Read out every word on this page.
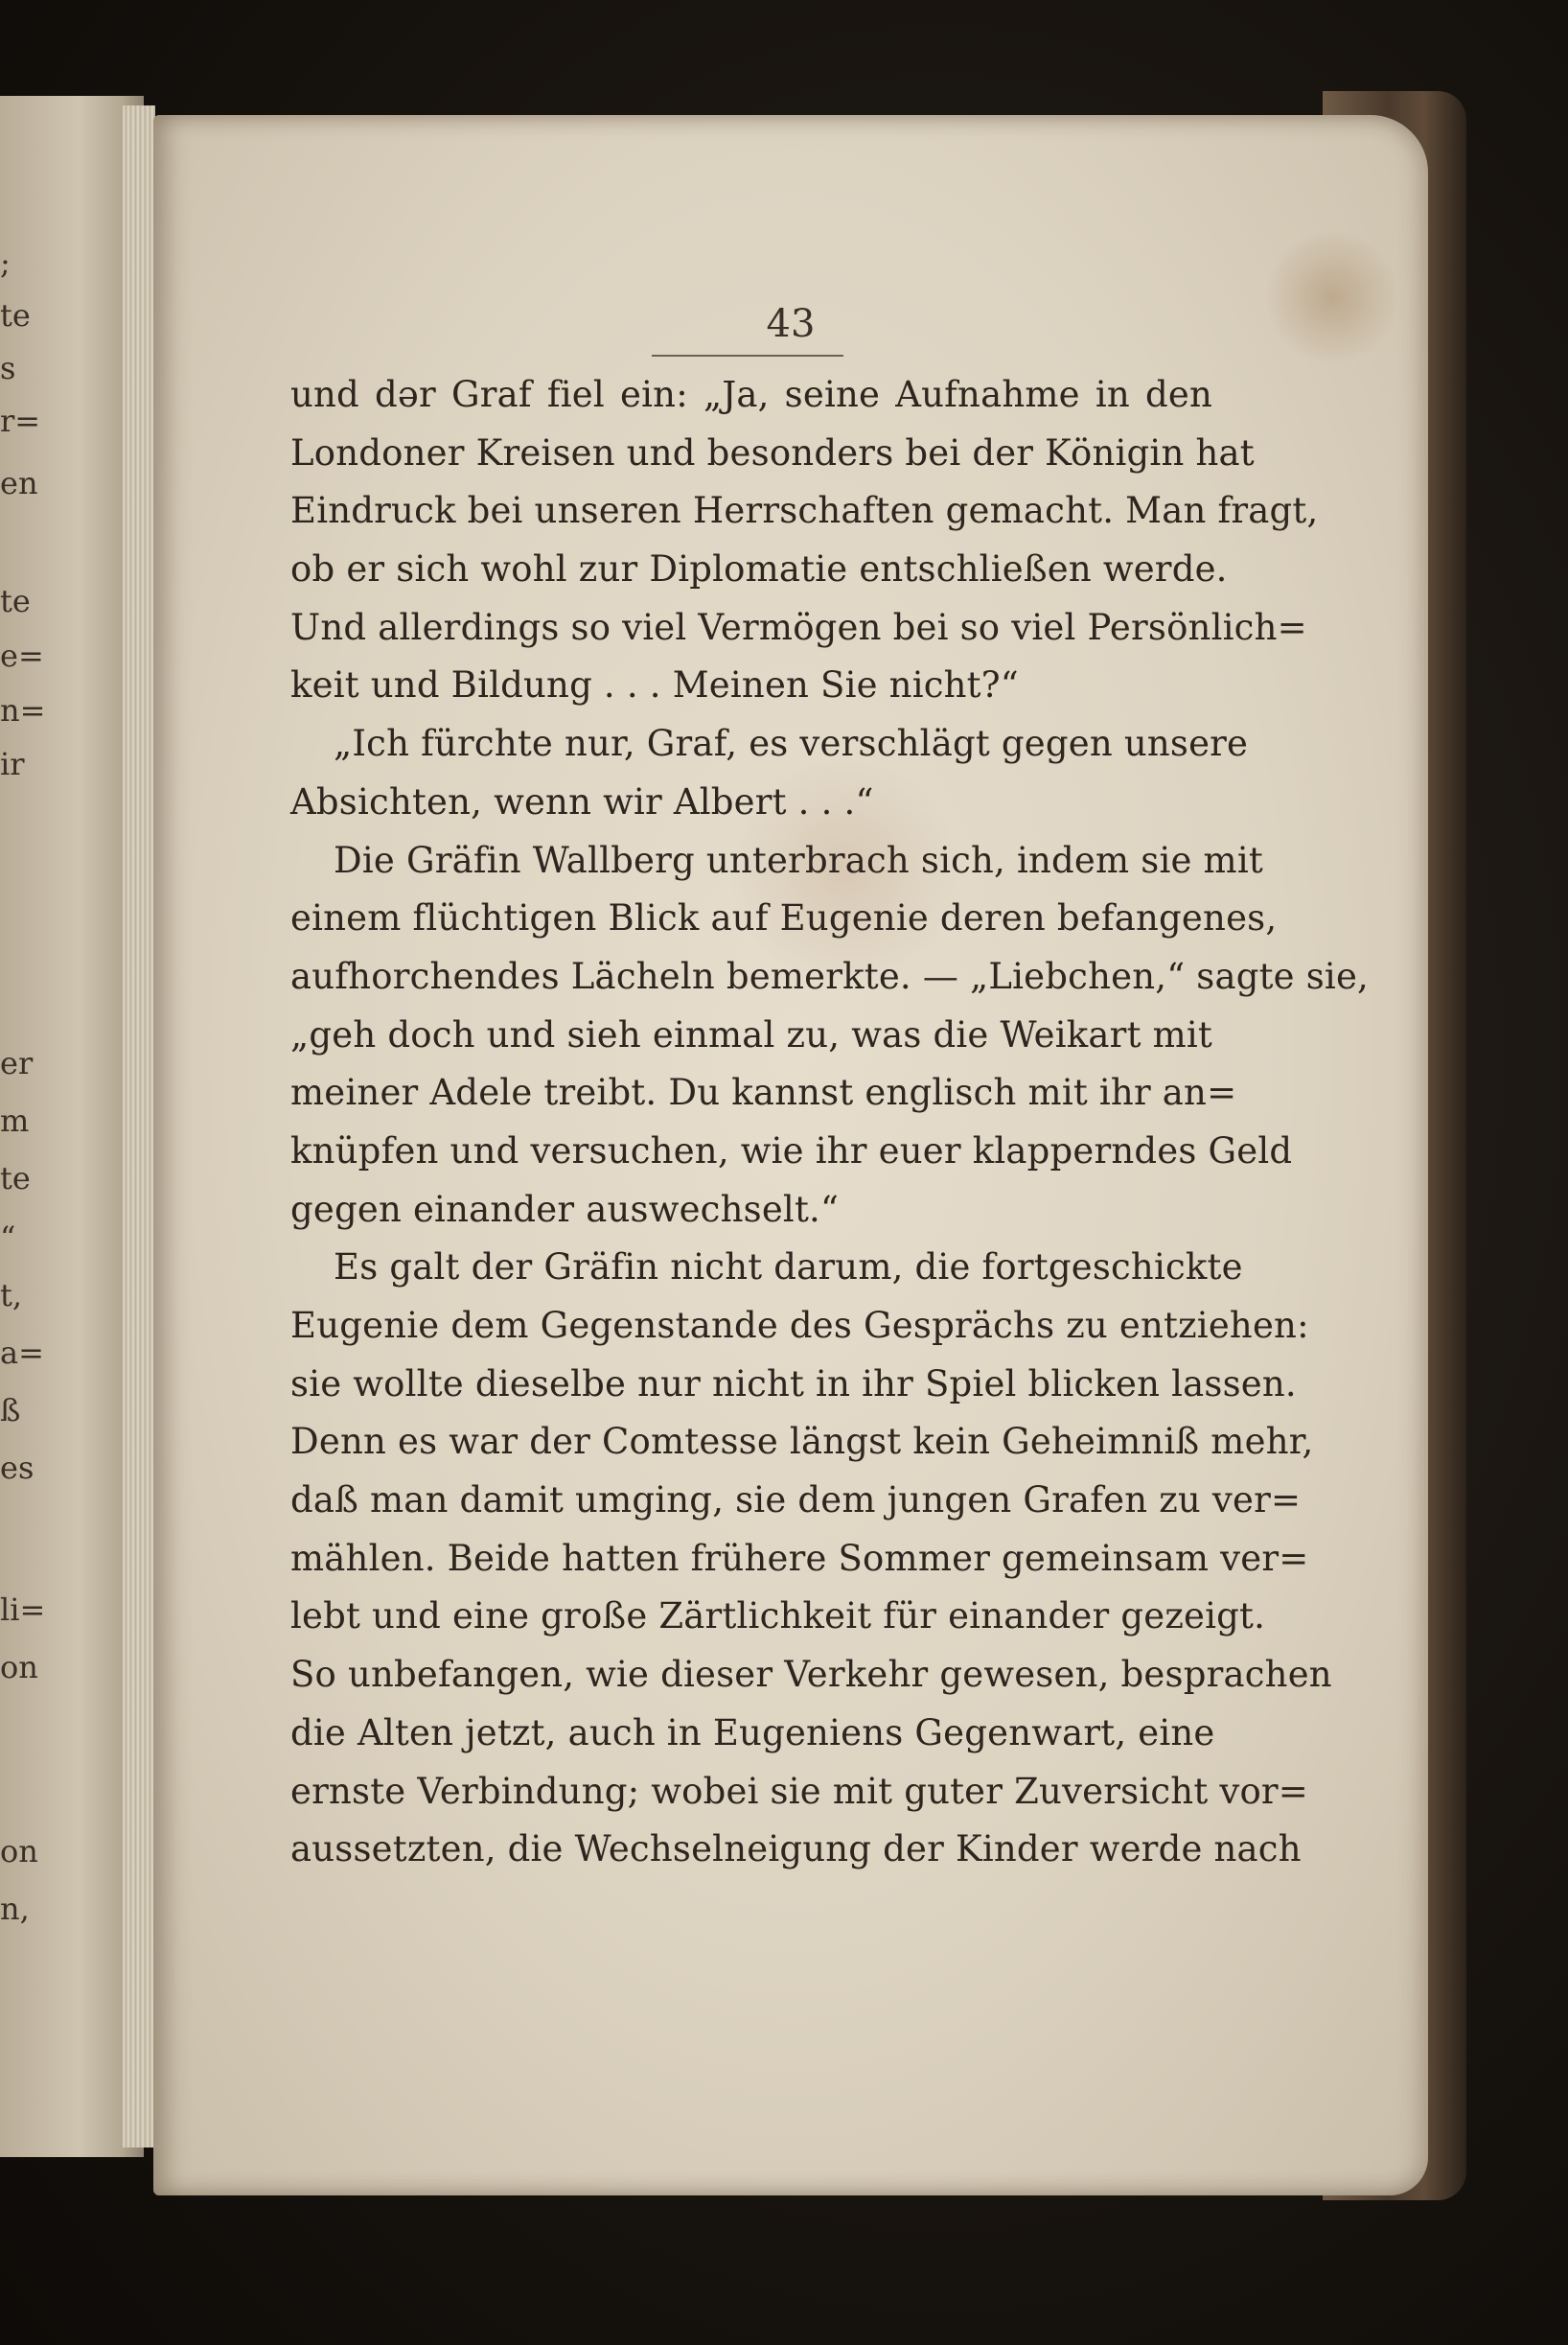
;
te
s
r=
en
te
e=
n=
ir
er
m
te
“
t,
a=
ß
es
li=
on
on
n,
43
und dər Graf fiel ein: „Ja, seine Aufnahme in den
Londoner Kreisen und besonders bei der Königin hat
Eindruck bei unseren Herrschaften gemacht. Man fragt,
ob er sich wohl zur Diplomatie entschließen werde.
Und allerdings so viel Vermögen bei so viel Persönlich=
keit und Bildung . . . Meinen Sie nicht?“
„Ich fürchte nur, Graf, es verschlägt gegen unsere
Absichten, wenn wir Albert . . .“
Die Gräfin Wallberg unterbrach sich, indem sie mit
einem flüchtigen Blick auf Eugenie deren befangenes,
aufhorchendes Lächeln bemerkte. — „Liebchen,“ sagte sie,
„geh doch und sieh einmal zu, was die Weikart mit
meiner Adele treibt. Du kannst englisch mit ihr an=
knüpfen und versuchen, wie ihr euer klapperndes Geld
gegen einander auswechselt.“
Es galt der Gräfin nicht darum, die fortgeschickte
Eugenie dem Gegenstande des Gesprächs zu entziehen:
sie wollte dieselbe nur nicht in ihr Spiel blicken lassen.
Denn es war der Comtesse längst kein Geheimniß mehr,
daß man damit umging, sie dem jungen Grafen zu ver=
mählen. Beide hatten frühere Sommer gemeinsam ver=
lebt und eine große Zärtlichkeit für einander gezeigt.
So unbefangen, wie dieser Verkehr gewesen, besprachen
die Alten jetzt, auch in Eugeniens Gegenwart, eine
ernste Verbindung; wobei sie mit guter Zuversicht vor=
aussetzten, die Wechselneigung der Kinder werde nach
